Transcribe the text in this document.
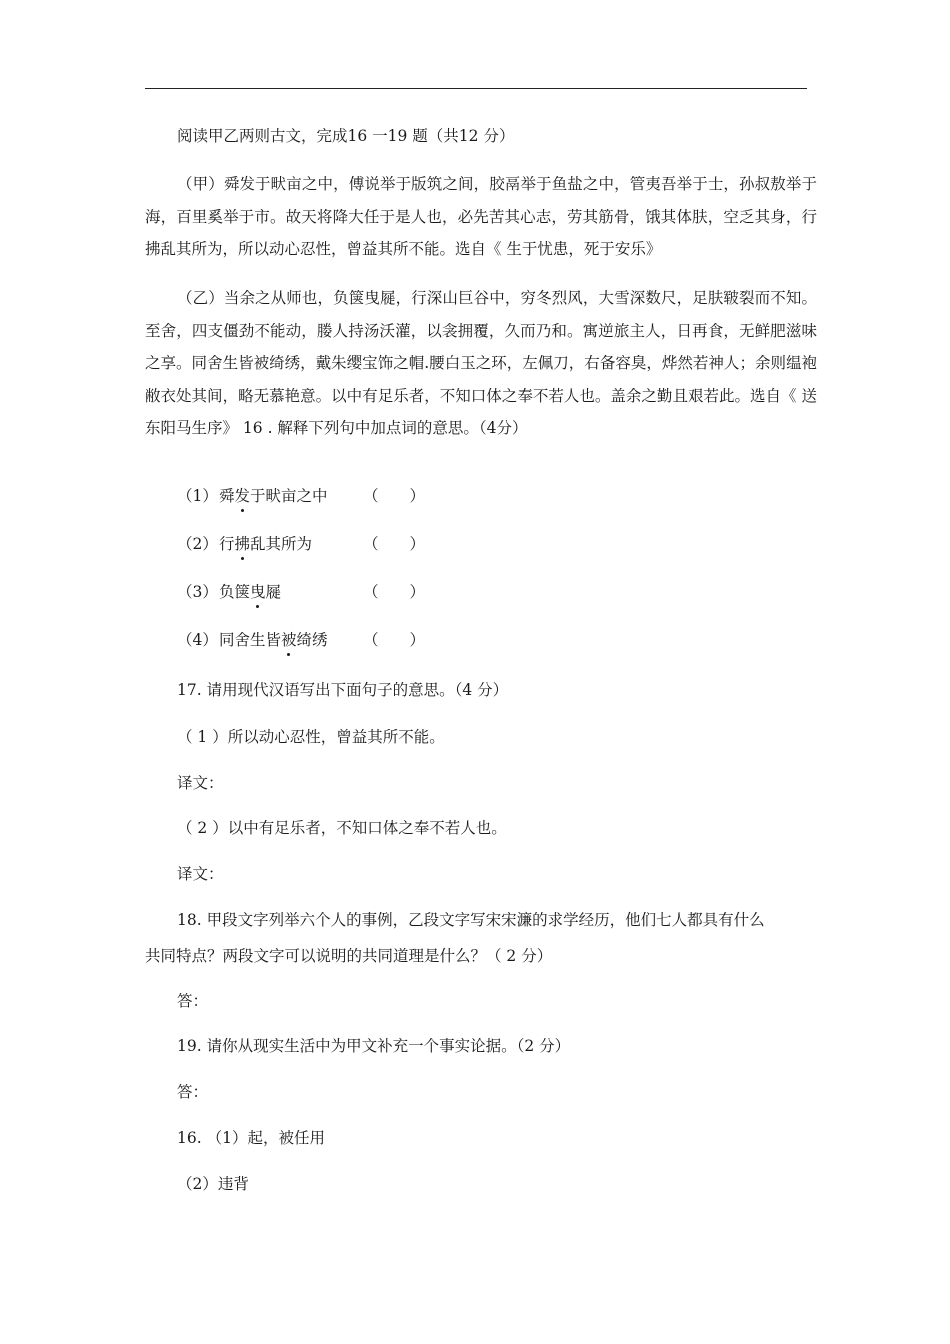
阅读甲乙两则古文，完成16 一19 题（共12 分）
（甲）舜发于畎亩之中，傅说举于版筑之间，胶鬲举于鱼盐之中，管夷吾举于士，孙叔敖举于海，百里奚举于市。故天将降大任于是人也，必先苦其心志，劳其筋骨，饿其体肤，空乏其身，行拂乱其所为，所以动心忍性，曾益其所不能。选自《 生于忧患，死于安乐》
（乙）当余之从师也，负箧曳屣，行深山巨谷中，穷冬烈风，大雪深数尺，足肤皲裂而不知。至舍，四支僵劲不能动，媵人持汤沃灌，以衾拥覆，久而乃和。寓逆旅主人，日再食，无鲜肥滋味之享。同舍生皆被绮绣，戴朱缨宝饰之帽.腰白玉之环，左佩刀，右备容臭，烨然若神人；余则缊袍敝衣处其间，略无慕艳意。以中有足乐者，不知口体之奉不若人也。盖余之勤且艰若此。选自《 送东阳马生序》 16 . 解释下列句中加点词的意思。（4分）
（1）舜发于畎亩之中 （　　）
（2）行拂乱其所为	（　　）
（3）负箧曳屣	（　　）
（4）同舍生皆被绮绣 （　　）
17. 请用现代汉语写出下面句子的意思。（4 分）
（ 1 ）所以动心忍性，曾益其所不能。
译文：
（ 2 ）以中有足乐者，不知口体之奉不若人也。
译文：
18. 甲段文字列举六个人的事例，乙段文字写宋宋濂的求学经历，他们七人都具有什么
共同特点？两段文字可以说明的共同道理是什么？（ 2 分）
答：
19. 请你从现实生活中为甲文补充一个事实论据。（2 分）
答：
16. （1）起，被任用
（2）违背
